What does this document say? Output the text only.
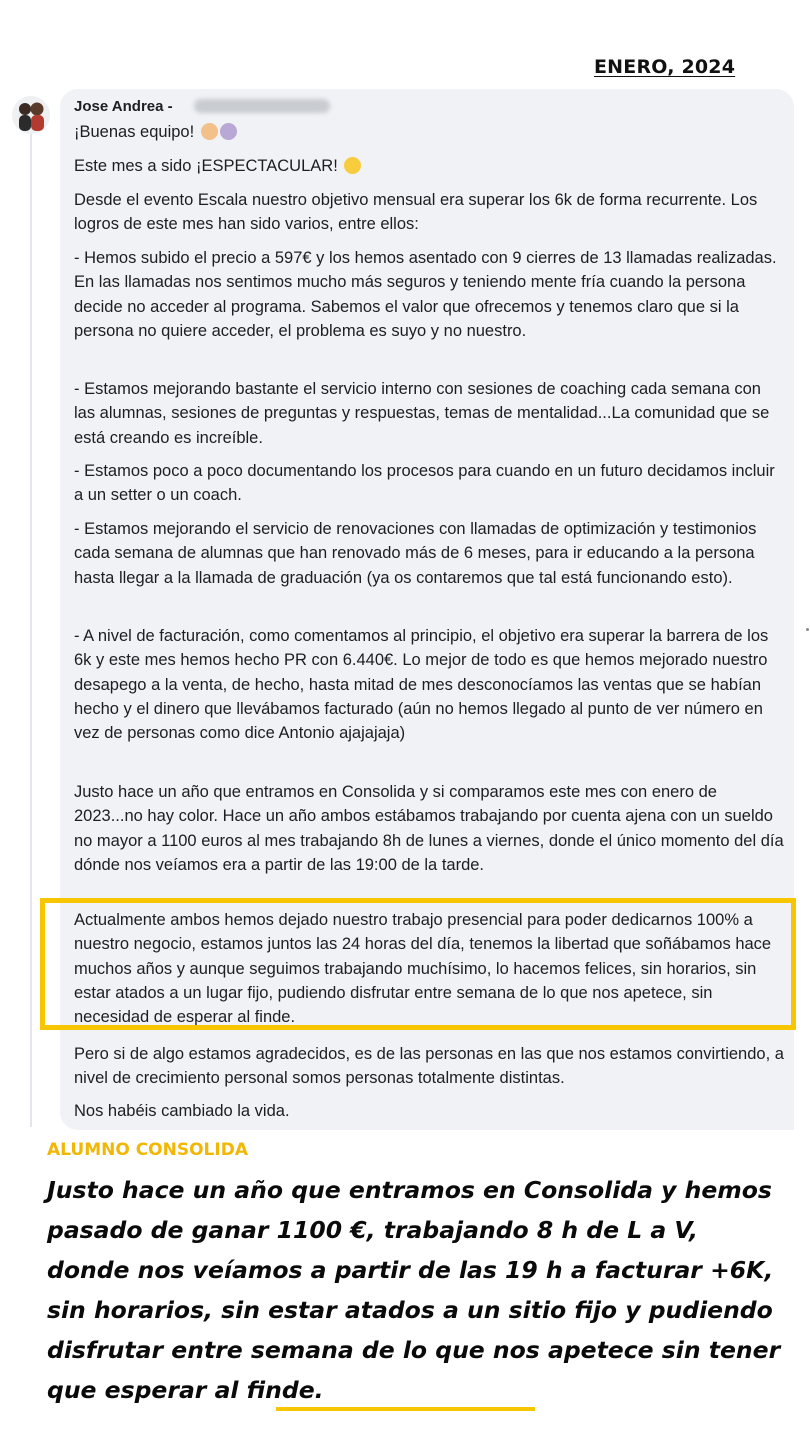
ENERO, 2024
Jose Andrea -

¡Buenas equipo!

Este mes a sido ¡ESPECTACULAR!

Desde el evento Escala nuestro objetivo mensual era superar los 6k de forma recurrente. Los logros de este mes han sido varios, entre ellos:

- Hemos subido el precio a 597€ y los hemos asentado con 9 cierres de 13 llamadas realizadas. En las llamadas nos sentimos mucho más seguros y teniendo mente fría cuando la persona decide no acceder al programa. Sabemos el valor que ofrecemos y tenemos claro que si la persona no quiere acceder, el problema es suyo y no nuestro.

- Estamos mejorando bastante el servicio interno con sesiones de coaching cada semana con las alumnas, sesiones de preguntas y respuestas, temas de mentalidad...La comunidad que se está creando es increíble.

- Estamos poco a poco documentando los procesos para cuando en un futuro decidamos incluir a un setter o un coach.

- Estamos mejorando el servicio de renovaciones con llamadas de optimización y testimonios cada semana de alumnas que han renovado más de 6 meses, para ir educando a la persona hasta llegar a la llamada de graduación (ya os contaremos que tal está funcionando esto).

- A nivel de facturación, como comentamos al principio, el objetivo era superar la barrera de los 6k y este mes hemos hecho PR con 6.440€. Lo mejor de todo es que hemos mejorado nuestro desapego a la venta, de hecho, hasta mitad de mes desconocíamos las ventas que se habían hecho y el dinero que llevábamos facturado (aún no hemos llegado al punto de ver número en vez de personas como dice Antonio ajajajaja)

Justo hace un año que entramos en Consolida y si comparamos este mes con enero de 2023...no hay color. Hace un año ambos estábamos trabajando por cuenta ajena con un sueldo no mayor a 1100 euros al mes trabajando 8h de lunes a viernes, donde el único momento del día dónde nos veíamos era a partir de las 19:00 de la tarde.

Actualmente ambos hemos dejado nuestro trabajo presencial para poder dedicarnos 100% a nuestro negocio, estamos juntos las 24 horas del día, tenemos la libertad que soñábamos hace muchos años y aunque seguimos trabajando muchísimo, lo hacemos felices, sin horarios, sin estar atados a un lugar fijo, pudiendo disfrutar entre semana de lo que nos apetece, sin necesidad de esperar al finde.

Pero si de algo estamos agradecidos, es de las personas en las que nos estamos convirtiendo, a nivel de crecimiento personal somos personas totalmente distintas.

Nos habéis cambiado la vida.

ALUMNO CONSOLIDA

Justo hace un año que entramos en Consolida y hemos pasado de ganar 1100 €, trabajando 8 h de L a V, donde nos veíamos a partir de las 19 h a facturar +6K, sin horarios, sin estar atados a un sitio fijo y pudiendo disfrutar entre semana de lo que nos apetece sin tener que esperar al finde.
